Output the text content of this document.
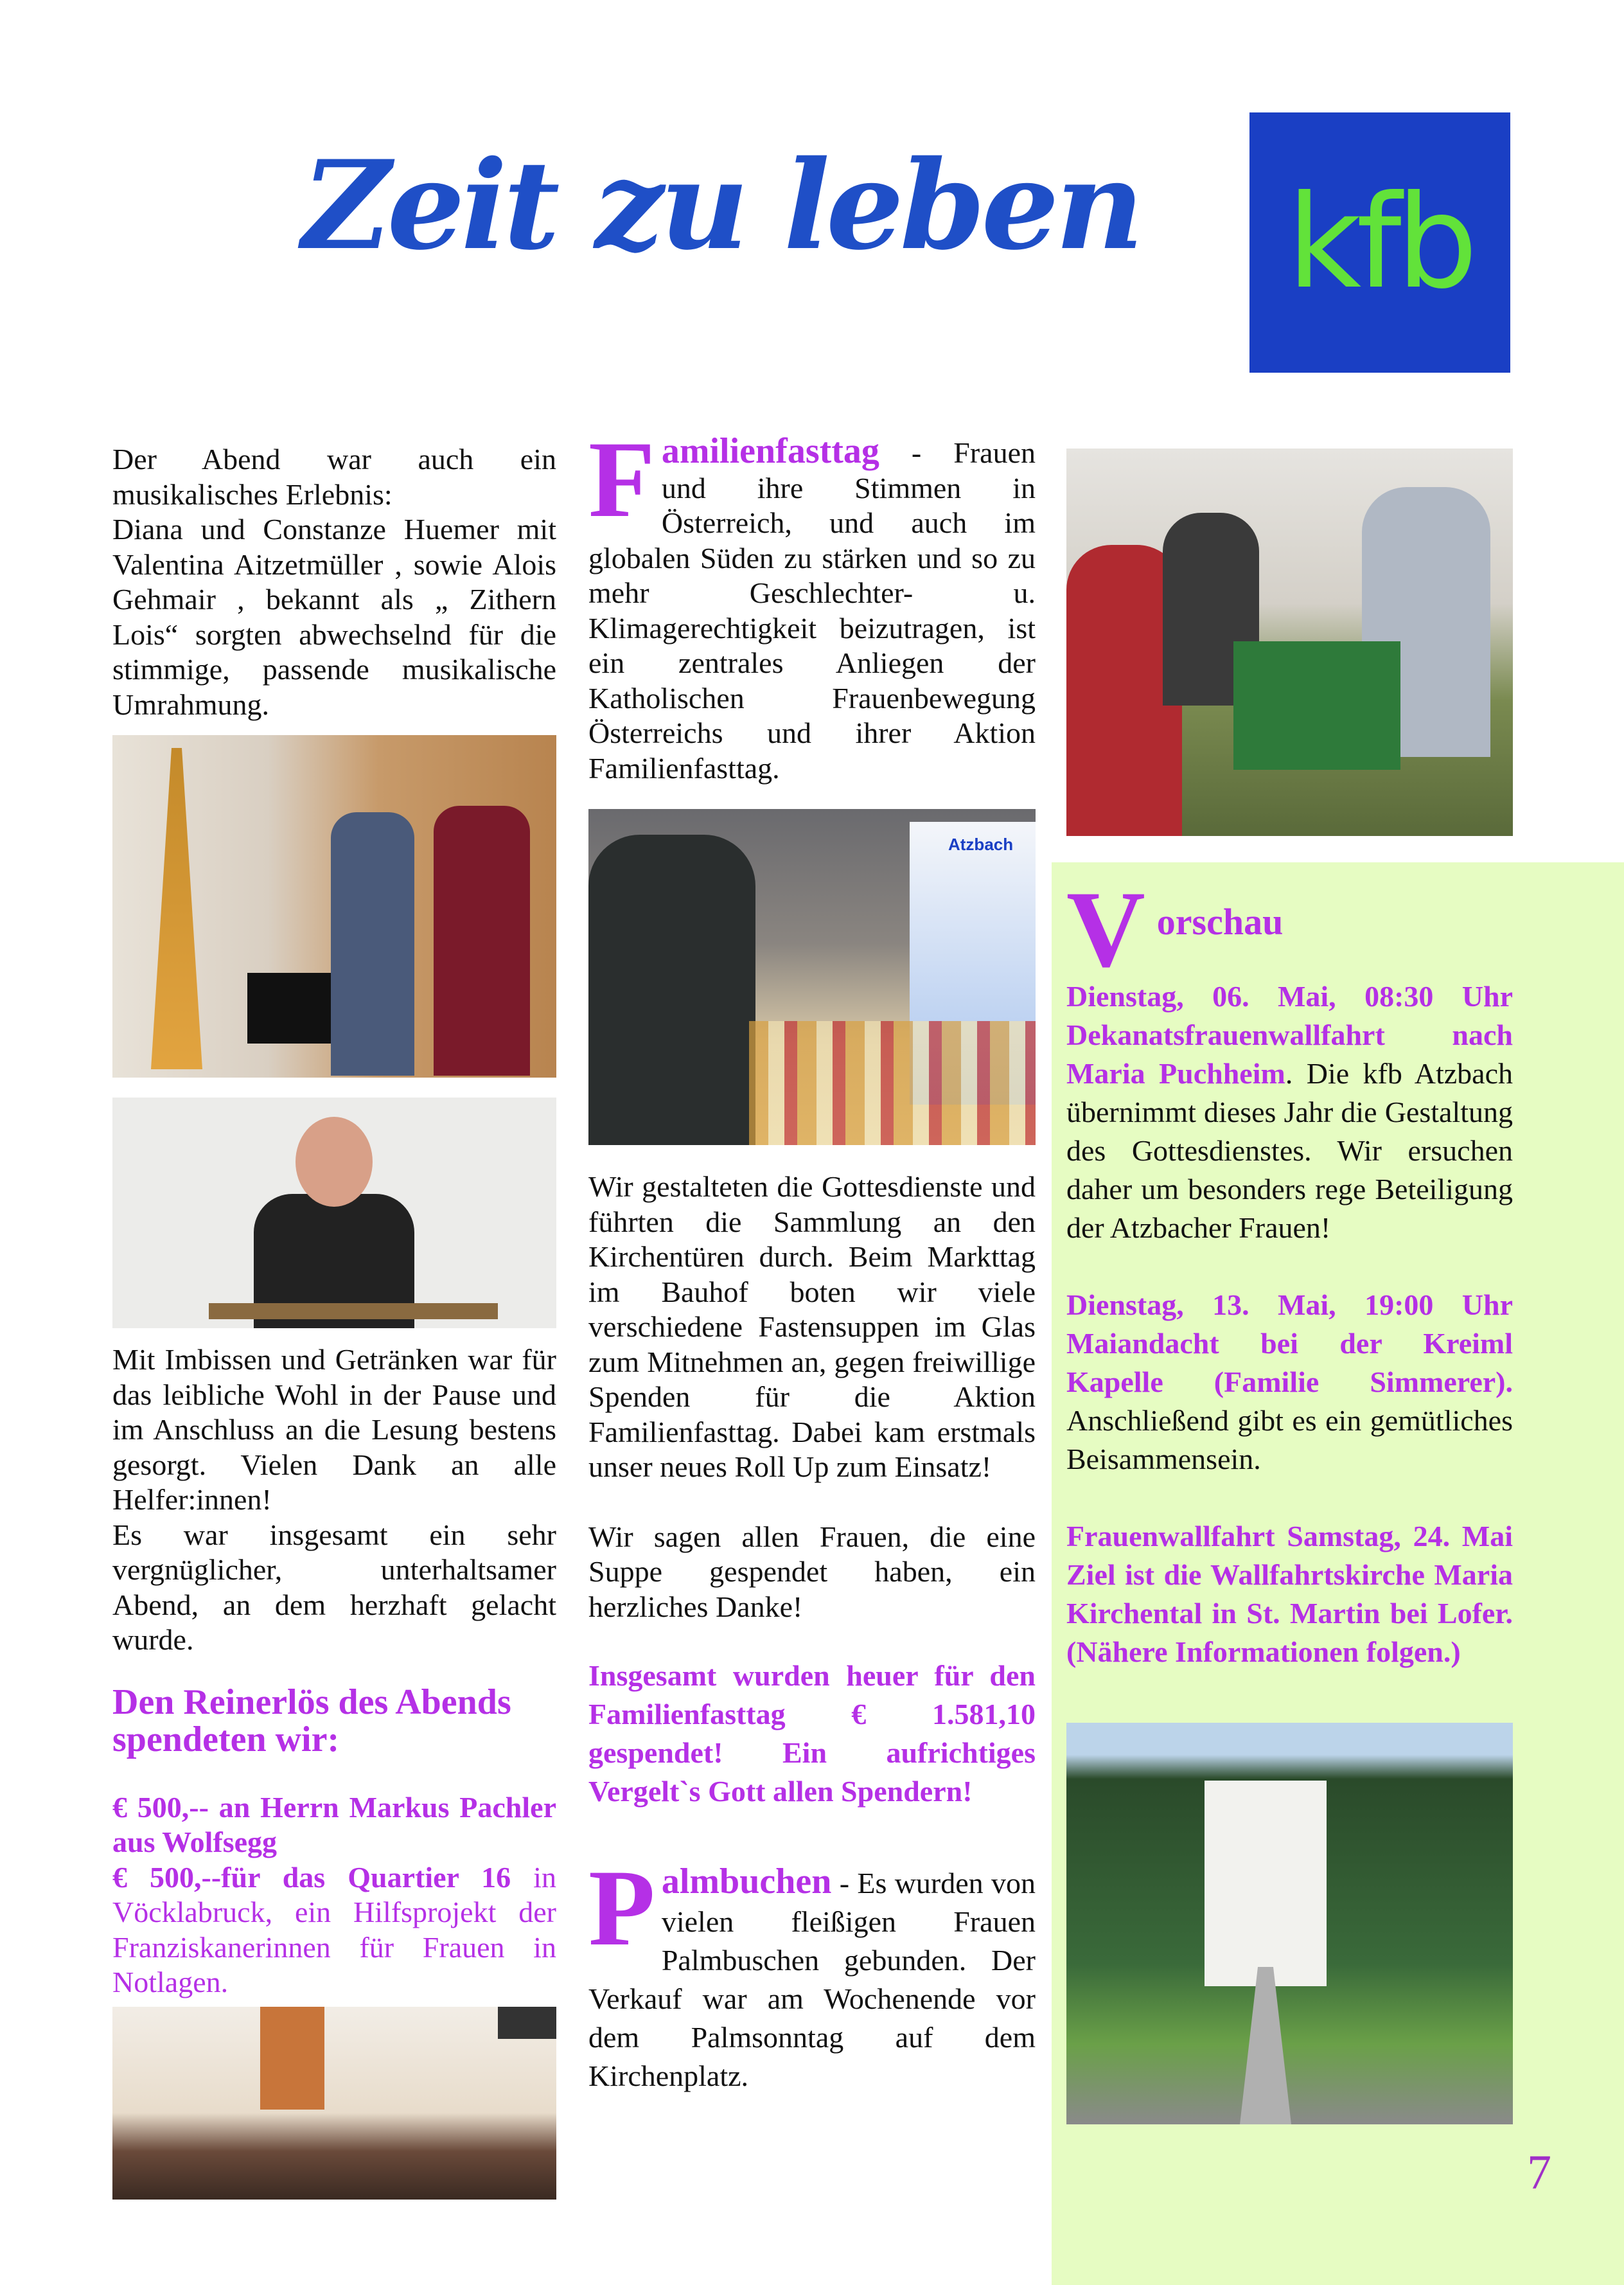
Zeit zu leben kfb

Der Abend war auch ein musikalisches Erlebnis:

Diana und Constanze Huemer mit Valentina Aitzetmüller , sowie Alois Gehmair , bekannt als „ Zithern Lois“ sorgten abwechselnd für die stimmige, passende musikalische Umrahmung.

Mit Imbissen und Getränken war für das leibliche Wohl in der Pause und im Anschluss an die Lesung bestens gesorgt. Vielen Dank an alle Helfer:innen!

Es war insgesamt ein sehr vergnüglicher, unterhaltsamer Abend, an dem herzhaft gelacht wurde.

Den Reinerlös des Abends spendeten wir:

€ 500,-- an Herrn Markus Pachler aus Wolfsegg

€ 500,--für das Quartier 16 in Vöcklabruck, ein Hilfsprojekt der Franziskanerinnen für Frauen in Notlagen.

F amilienfasttag - Frauen und ihre Stimmen in Österreich, und auch im globalen Süden zu stärken und so zu mehr Geschlechter- u. Klimagerechtigkeit beizutragen, ist ein zentrales Anliegen der Katholischen Frauenbewegung Österreichs und ihrer Aktion Familienfasttag.
Atzbach

Wir gestalteten die Gottesdienste und führten die Sammlung an den Kirchentüren durch. Beim Markttag im Bauhof boten wir viele verschiedene Fastensuppen im Glas zum Mitnehmen an, gegen freiwillige Spenden für die Aktion Familienfasttag. Dabei kam erstmals unser neues Roll Up zum Einsatz!

Wir sagen allen Frauen, die eine Suppe gespendet haben, ein herzliches Danke!

Insgesamt wurden heuer für den Familienfasttag € 1.581,10 gespendet! Ein aufrichtiges Vergelt`s Gott allen Spendern!
P almbuchen - Es wurden von vielen fleißigen Frauen Palmbuschen gebunden. Der Verkauf war am Wochenende vor dem Palmsonntag auf dem Kirchenplatz.
V orschau

Dienstag, 06. Mai, 08:30 Uhr Dekanatsfrauenwallfahrt nach Maria Puchheim. Die kfb Atzbach übernimmt dieses Jahr die Gestaltung des Gottesdienstes. Wir ersuchen daher um besonders rege Beteiligung der Atzbacher Frauen!

Dienstag, 13. Mai, 19:00 Uhr Maiandacht bei der Kreiml Kapelle (Familie Simmerer). Anschließend gibt es ein gemütliches Beisammensein.

Frauenwallfahrt Samstag, 24. Mai Ziel ist die Wallfahrtskirche Maria Kirchental in St. Martin bei Lofer. (Nähere Informationen folgen.)

7
